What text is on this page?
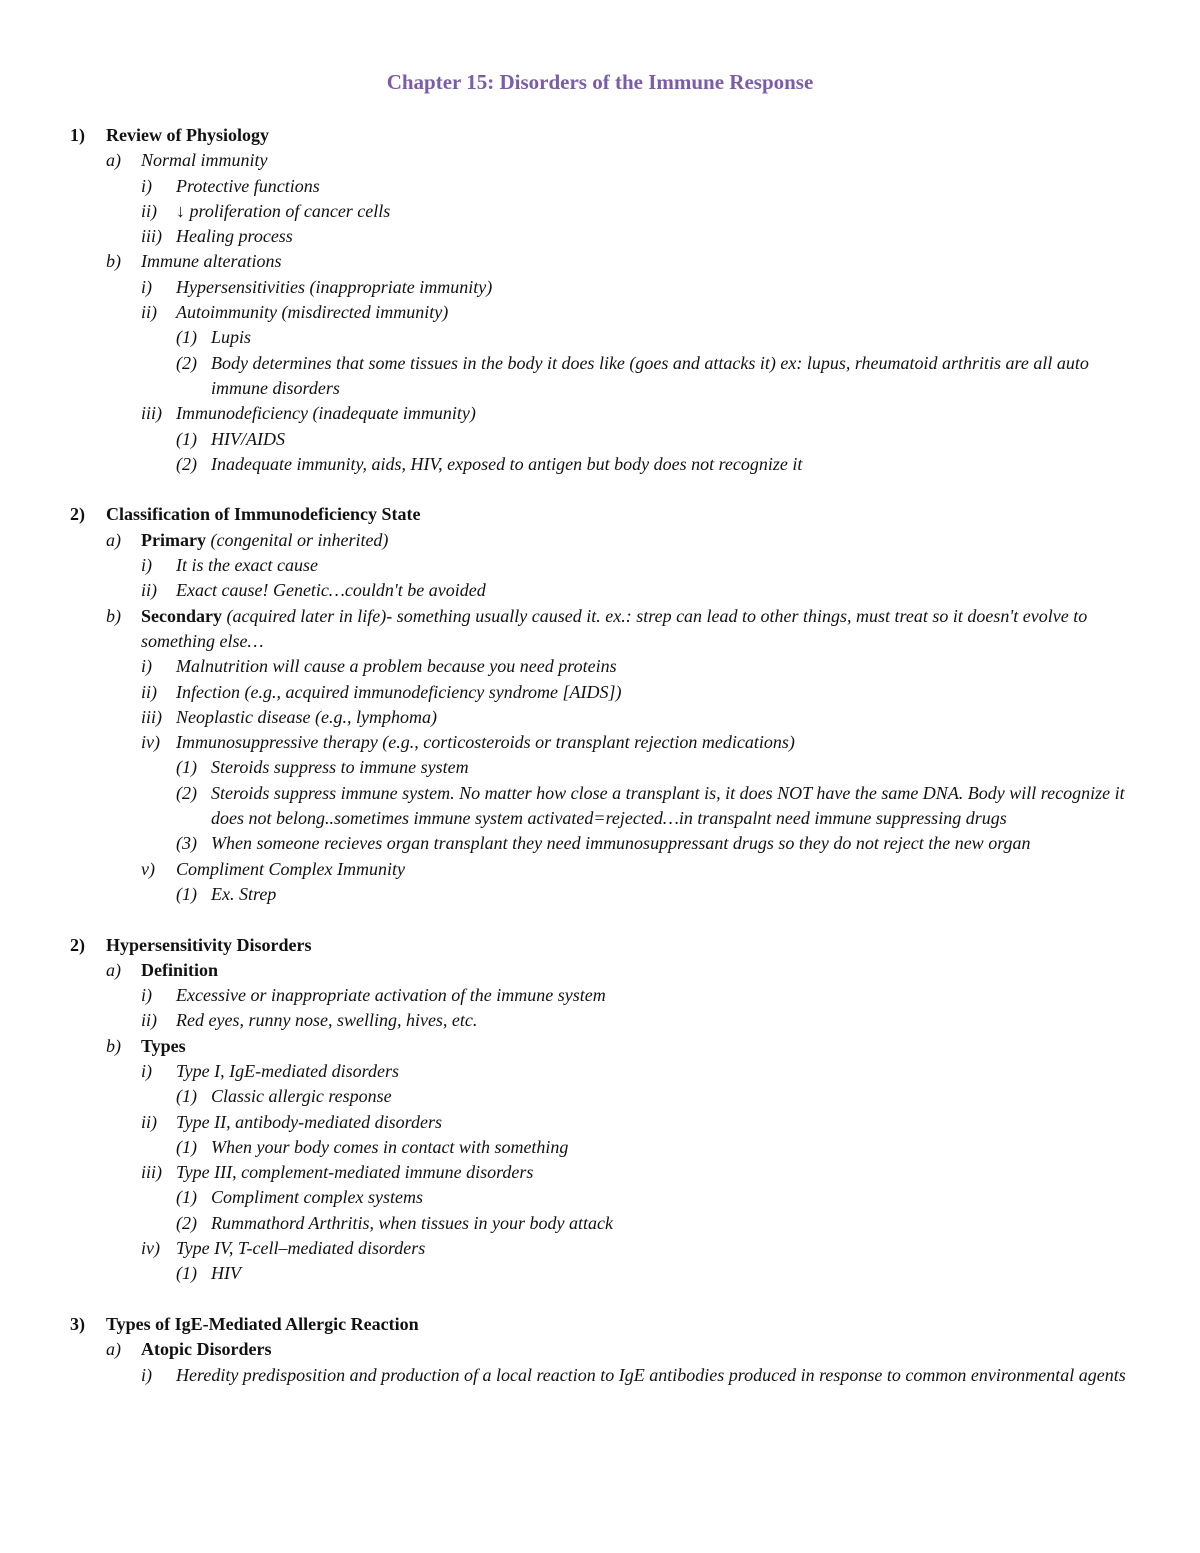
Chapter 15: Disorders of the Immune Response
1) Review of Physiology
a) Normal immunity
i) Protective functions
ii) ↓ proliferation of cancer cells
iii) Healing process
b) Immune alterations
i) Hypersensitivities (inappropriate immunity)
ii) Autoimmunity (misdirected immunity)
(1) Lupis
(2) Body determines that some tissues in the body it does like (goes and attacks it) ex: lupus, rheumatoid arthritis are all auto immune disorders
iii) Immunodeficiency (inadequate immunity)
(1) HIV/AIDS
(2) Inadequate immunity, aids, HIV, exposed to antigen but body does not recognize it
2) Classification of Immunodeficiency State
a) Primary (congenital or inherited)
i) It is the exact cause
ii) Exact cause! Genetic…couldn't be avoided
b) Secondary (acquired later in life)- something usually caused it. ex.: strep can lead to other things, must treat so it doesn't evolve to something else…
i) Malnutrition will cause a problem because you need proteins
ii) Infection (e.g., acquired immunodeficiency syndrome [AIDS])
iii) Neoplastic disease (e.g., lymphoma)
iv) Immunosuppressive therapy (e.g., corticosteroids or transplant rejection medications)
(1) Steroids suppress to immune system
(2) Steroids suppress immune system. No matter how close a transplant is, it does NOT have the same DNA. Body will recognize it does not belong..sometimes immune system activated=rejected…in transpalnt need immune suppressing drugs
(3) When someone recieves organ transplant they need immunosuppressant drugs so they do not reject the new organ
v) Compliment Complex Immunity
(1) Ex. Strep
2) Hypersensitivity Disorders
a) Definition
i) Excessive or inappropriate activation of the immune system
ii) Red eyes, runny nose, swelling, hives, etc.
b) Types
i) Type I, IgE-mediated disorders
(1) Classic allergic response
ii) Type II, antibody-mediated disorders
(1) When your body comes in contact with something
iii) Type III, complement-mediated immune disorders
(1) Compliment complex systems
(2) Rummathord Arthritis, when tissues in your body attack
iv) Type IV, T-cell–mediated disorders
(1) HIV
3) Types of IgE-Mediated Allergic Reaction
a) Atopic Disorders
i) Heredity predisposition and production of a local reaction to IgE antibodies produced in response to common environmental agents
